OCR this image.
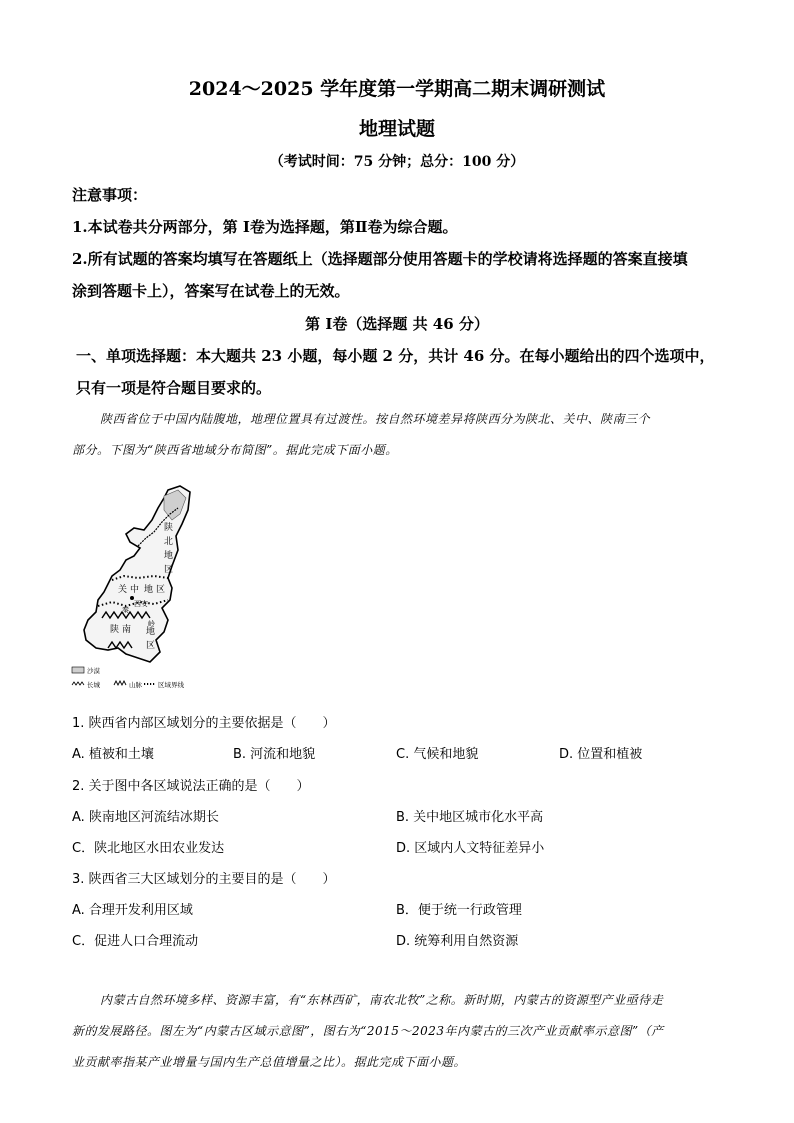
2024～2025 学年度第一学期高二期末调研测试
地理试题
（考试时间：75 分钟；总分：100 分）
注意事项：
1.本试卷共分两部分，第 Ⅰ卷为选择题，第Ⅱ卷为综合题。
2.所有试题的答案均填写在答题纸上（选择题部分使用答题卡的学校请将选择题的答案直接填
涂到答题卡上），答案写在试卷上的无效。
第 Ⅰ卷（选择题 共 46 分）
一、单项选择题：本大题共 23 小题，每小题 2 分，共计 46 分。在每小题给出的四个选项中，
只有一项是符合题目要求的。
陕西省位于中国内陆腹地，地理位置具有过渡性。按自然环境差异将陕西分为陕北、关中、陕南三个
部分。下图为“陕西省地域分布简图”。据此完成下面小题。
陕
北
地
区
关 中 地 区
西安
秦
岭
陕 南 地
区
沙漠
长城	山脉 区域界线
1. 陕西省内部区域划分的主要依据是（　　）
A. 植被和土壤	B. 河流和地貌	C. 气候和地貌	D. 位置和植被
2. 关于图中各区域说法正确的是（　　）
A. 陕南地区河流结冰期长	B. 关中地区城市化水平高
C．陕北地区水田农业发达	D. 区域内人文特征差异小
3. 陕西省三大区域划分的主要目的是（　　）
A. 合理开发利用区域	B．便于统一行政管理
C．促进人口合理流动	D. 统筹利用自然资源
内蒙古自然环境多样、资源丰富，有“东林西矿，南农北牧”之称。新时期，内蒙古的资源型产业亟待走
新的发展路径。图左为“内蒙古区域示意图”，图右为“2015～2023年内蒙古的三次产业贡献率示意图”（产
业贡献率指某产业增量与国内生产总值增量之比）。据此完成下面小题。
